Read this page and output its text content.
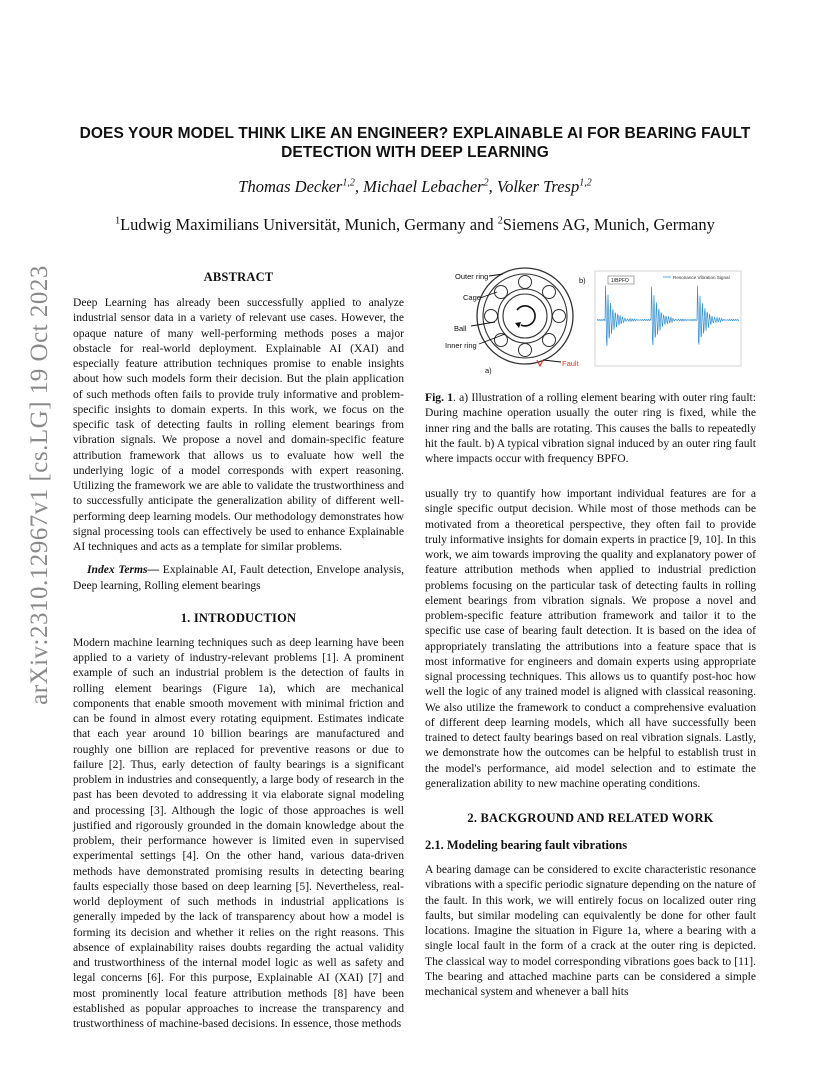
arXiv:2310.12967v1 [cs.LG] 19 Oct 2023
DOES YOUR MODEL THINK LIKE AN ENGINEER? EXPLAINABLE AI FOR BEARING FAULT DETECTION WITH DEEP LEARNING
Thomas Decker$^{1,2}$, Michael Lebacher$^2$, Volker Tresp$^{1,2}$
$^1$Ludwig Maximilians Universität, Munich, Germany and $^2$Siemens AG, Munich, Germany
ABSTRACT
Deep Learning has already been successfully applied to analyze industrial sensor data in a variety of relevant use cases. However, the opaque nature of many well-performing methods poses a major obstacle for real-world deployment. Explainable AI (XAI) and especially feature attribution techniques promise to enable insights about how such models form their decision. But the plain application of such methods often fails to provide truly informative and problem-specific insights to domain experts. In this work, we focus on the specific task of detecting faults in rolling element bearings from vibration signals. We propose a novel and domain-specific feature attribution framework that allows us to evaluate how well the underlying logic of a model corresponds with expert reasoning. Utilizing the framework we are able to validate the trustworthiness and to successfully anticipate the generalization ability of different well-performing deep learning models. Our methodology demonstrates how signal processing tools can effectively be used to enhance Explainable AI techniques and acts as a template for similar problems.
Index Terms— Explainable AI, Fault detection, Envelope analysis, Deep learning, Rolling element bearings
1. INTRODUCTION
Modern machine learning techniques such as deep learning have been applied to a variety of industry-relevant problems [1]. A prominent example of such an industrial problem is the detection of faults in rolling element bearings (Figure 1a), which are mechanical components that enable smooth movement with minimal friction and can be found in almost every rotating equipment. Estimates indicate that each year around 10 billion bearings are manufactured and roughly one billion are replaced for preventive reasons or due to failure [2]. Thus, early detection of faulty bearings is a significant problem in industries and consequently, a large body of research in the past has been devoted to addressing it via elaborate signal modeling and processing [3]. Although the logic of those approaches is well justified and rigorously grounded in the domain knowledge about the problem, their performance however is limited even in supervised experimental settings [4]. On the other hand, various data-driven methods have demonstrated promising results in detecting bearing faults especially those based on deep learning [5]. Nevertheless, real-world deployment of such methods in industrial applications is generally impeded by the lack of transparency about how a model is forming its decision and whether it relies on the right reasons. This absence of explainability raises doubts regarding the actual validity and trustworthiness of the internal model logic as well as safety and legal concerns [6]. For this purpose, Explainable AI (XAI) [7] and most prominently local feature attribution methods [8] have been established as popular approaches to increase the transparency and trustworthiness of machine-based decisions. In essence, those methods
Outer ring
Cage
Ball
Inner ring
Fault
a)
b)	1/BPFO
Resonance Vibration Signal
Fig. 1. a) Illustration of a rolling element bearing with outer ring fault: During machine operation usually the outer ring is fixed, while the inner ring and the balls are rotating. This causes the balls to repeatedly hit the fault. b) A typical vibration signal induced by an outer ring fault where impacts occur with frequency BPFO.
usually try to quantify how important individual features are for a single specific output decision. While most of those methods can be motivated from a theoretical perspective, they often fail to provide truly informative insights for domain experts in practice [9, 10]. In this work, we aim towards improving the quality and explanatory power of feature attribution methods when applied to industrial prediction problems focusing on the particular task of detecting faults in rolling element bearings from vibration signals. We propose a novel and problem-specific feature attribution framework and tailor it to the specific use case of bearing fault detection. It is based on the idea of appropriately translating the attributions into a feature space that is most informative for engineers and domain experts using appropriate signal processing techniques. This allows us to quantify post-hoc how well the logic of any trained model is aligned with classical reasoning. We also utilize the framework to conduct a comprehensive evaluation of different deep learning models, which all have successfully been trained to detect faulty bearings based on real vibration signals. Lastly, we demonstrate how the outcomes can be helpful to establish trust in the model's performance, aid model selection and to estimate the generalization ability to new machine operating conditions.
2. BACKGROUND AND RELATED WORK
2.1. Modeling bearing fault vibrations
A bearing damage can be considered to excite characteristic resonance vibrations with a specific periodic signature depending on the nature of the fault. In this work, we will entirely focus on localized outer ring faults, but similar modeling can equivalently be done for other fault locations. Imagine the situation in Figure 1a, where a bearing with a single local fault in the form of a crack at the outer ring is depicted. The classical way to model corresponding vibrations goes back to [11]. The bearing and attached machine parts can be considered a simple mechanical system and whenever a ball hits
